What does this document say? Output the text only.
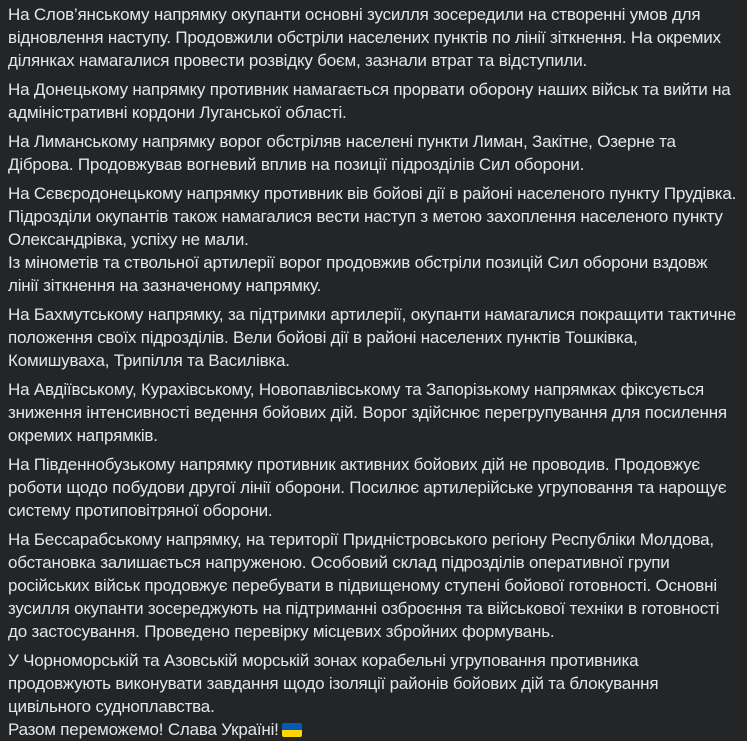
На Слов’янському напрямку окупанти основні зусилля зосередили на створенні умов для відновлення наступу. Продовжили обстріли населених пунктів по лінії зіткнення. На окремих ділянках намагалися провести розвідку боєм, зазнали втрат та відступили.
На Донецькому напрямку противник намагається прорвати оборону наших військ та вийти на адміністративні кордони Луганської області.
На Лиманському напрямку ворог обстріляв населені пункти Лиман, Закітне, Озерне та Діброва. Продовжував вогневий вплив на позиції підрозділів Сил оборони.
На Сєвєродонецькому напрямку противник вів бойові дії в районі населеного пункту Прудівка. Підрозділи окупантів також намагалися вести наступ з метою захоплення населеного пункту Олександрівка, успіху не мали.
Із мінометів та ствольної артилерії ворог продовжив обстріли позицій Сил оборони вздовж лінії зіткнення на зазначеному напрямку.
На Бахмутському напрямку, за підтримки артилерії, окупанти намагалися покращити тактичне положення своїх підрозділів. Вели бойові дії в районі населених пунктів Тошківка, Комишуваха, Трипілля та Василівка.
На Авдіївському, Курахівському, Новопавлівському та Запорізькому напрямках фіксується зниження інтенсивності ведення бойових дій. Ворог здійснює перегрупування для посилення окремих напрямків.
На Південнобузькому напрямку противник активних бойових дій не проводив. Продовжує роботи щодо побудови другої лінії оборони. Посилює артилерійське угруповання та нарощує систему протиповітряної оборони.
На Бессарабському напрямку, на території Придністровського регіону Республіки Молдова, обстановка залишається напруженою. Особовий склад підрозділів оперативної групи російських військ продовжує перебувати в підвищеному ступені бойової готовності. Основні зусилля окупанти зосереджують на підтриманні озброєння та військової техніки в готовності до застосування. Проведено перевірку місцевих збройних формувань.
У Чорноморській та Азовській морській зонах корабельні угруповання противника продовжують виконувати завдання щодо ізоляції районів бойових дій та блокування цивільного судноплавства.
Разом переможемо! Слава Україні!
